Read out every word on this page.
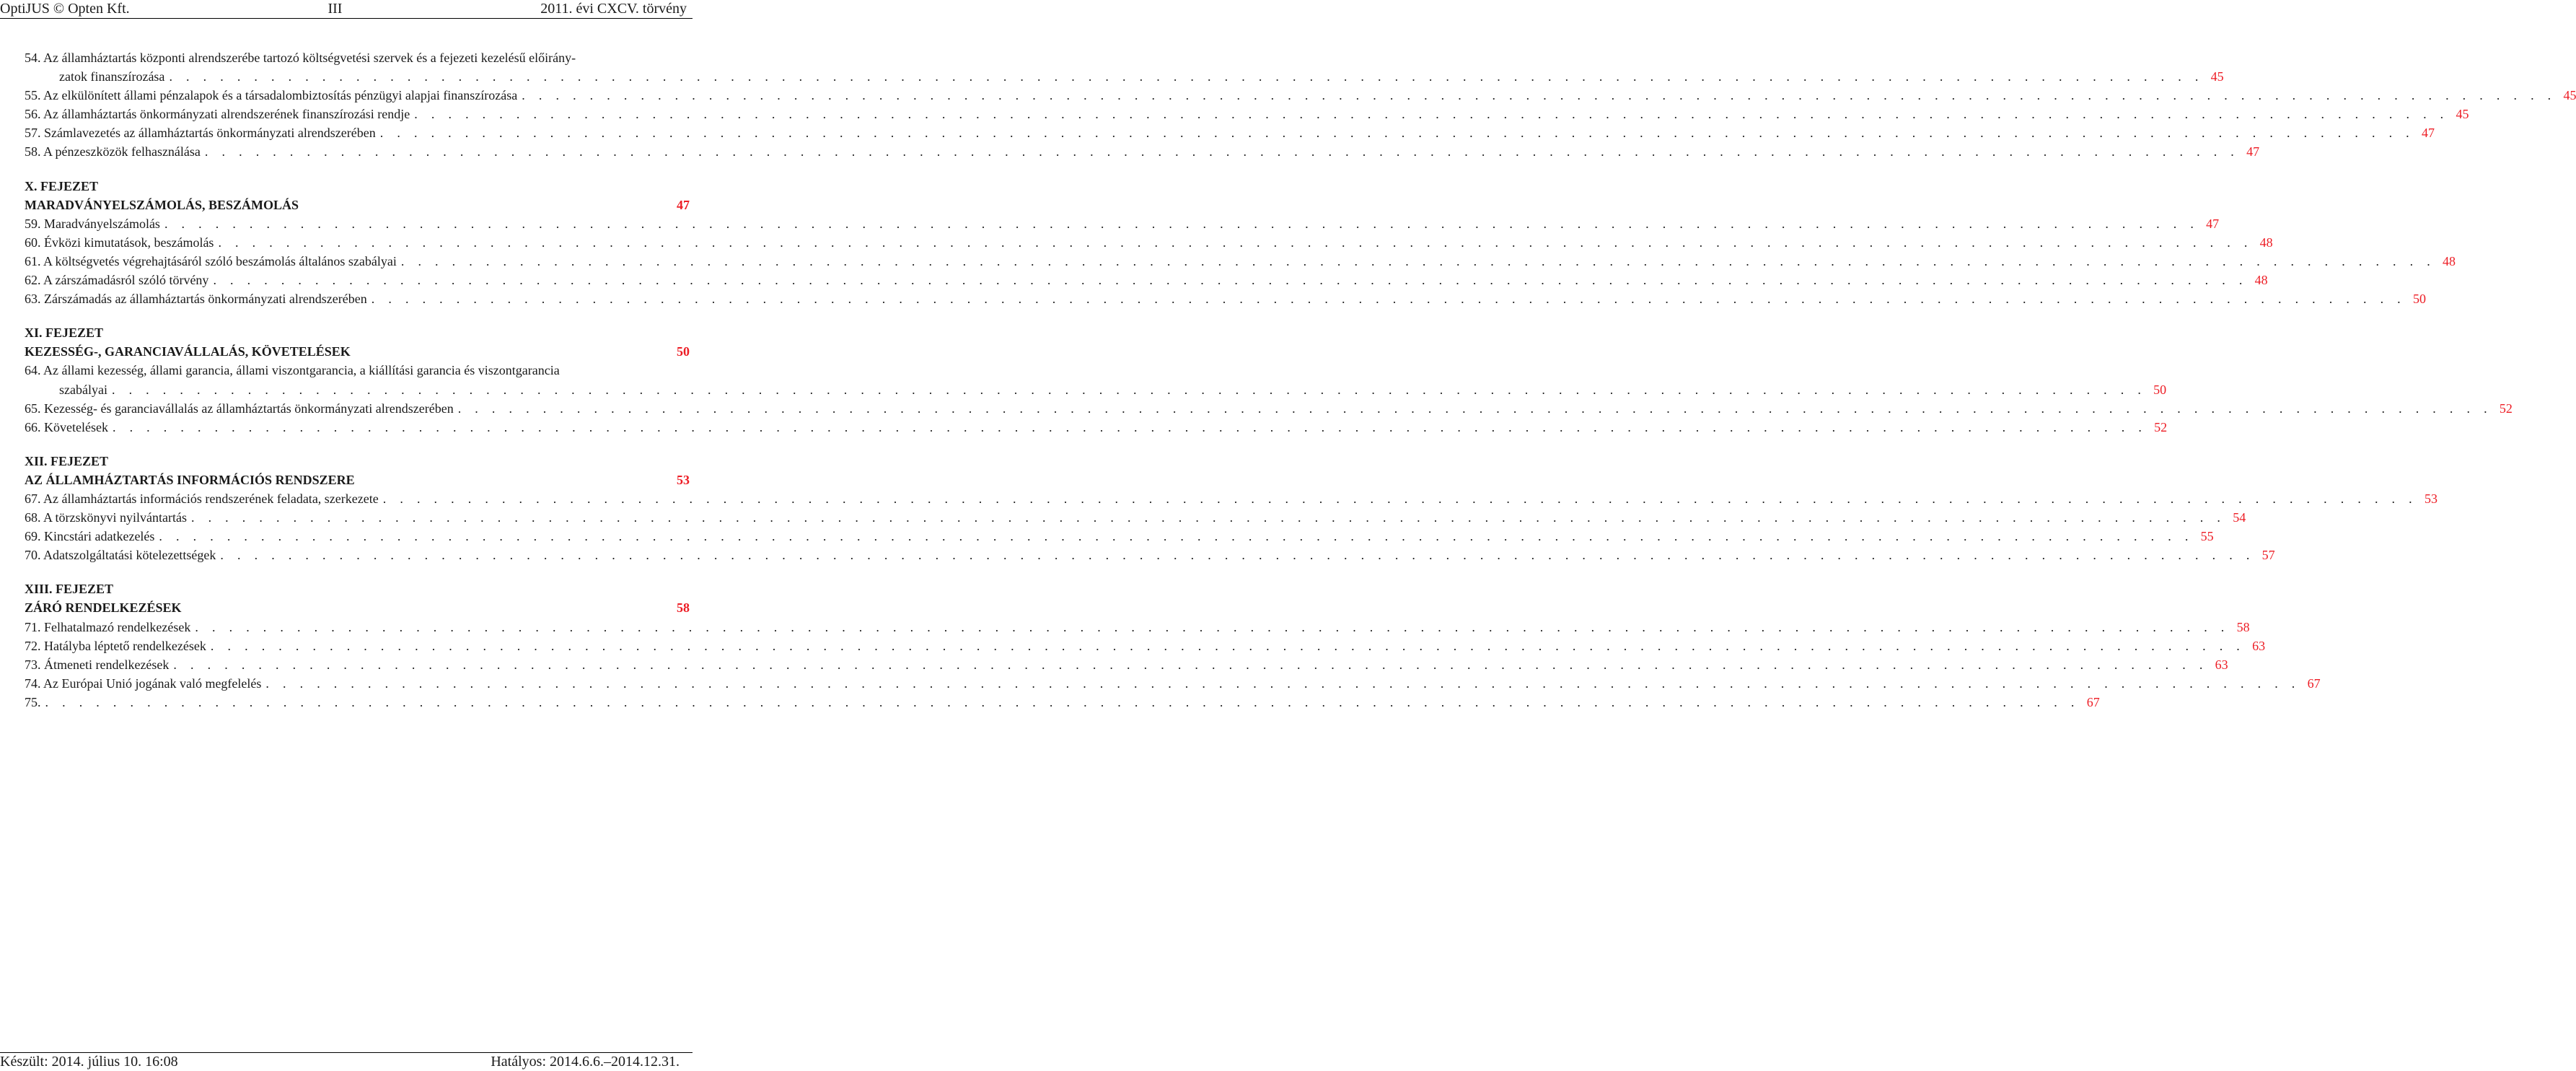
OptiJUS © Opten Kft.	III	2011. évi CXCV. törvény
54. Az államháztartás központi alrendszerébe tartozó költségvetési szervek és a fejezeti kezelésű előirány-
zatok finanszírozása . . . . . . . . . . . . . . . . . . . . . . . . . . . . . . . . . . . . . . . . . . . . . . . . . . . . . . . . . . . . . . . . . . . . . . . . . . . . . . . . . . . . . . . . . . . . . . . . . . . . . . . . . . . . . . . . . . . . . . . . 45
55. Az elkülönített állami pénzalapok és a társadalombiztosítás pénzügyi alapjai finanszírozása . . . . . . . . . . . . . . . . . . . . . . . . . . . . . . . . . . . . . . . . . . . . . . . . . . . . . . . . . . . . . . . . . . . . . . . . . . . . . . . . . . . . . . . . . . . . . . . . . . . . . . . . . . . . . . . . . . . . . . . . 45
56. Az államháztartás önkormányzati alrendszerének finanszírozási rendje . . . . . . . . . . . . . . . . . . . . . . . . . . . . . . . . . . . . . . . . . . . . . . . . . . . . . . . . . . . . . . . . . . . . . . . . . . . . . . . . . . . . . . . . . . . . . . . . . . . . . . . . . . . . . . . . . . . . . . . . 45
57. Számlavezetés az államháztartás önkormányzati alrendszerében . . . . . . . . . . . . . . . . . . . . . . . . . . . . . . . . . . . . . . . . . . . . . . . . . . . . . . . . . . . . . . . . . . . . . . . . . . . . . . . . . . . . . . . . . . . . . . . . . . . . . . . . . . . . . . . . . . . . . . . . 47
58. A pénzeszközök felhasználása . . . . . . . . . . . . . . . . . . . . . . . . . . . . . . . . . . . . . . . . . . . . . . . . . . . . . . . . . . . . . . . . . . . . . . . . . . . . . . . . . . . . . . . . . . . . . . . . . . . . . . . . . . . . . . . . . . . . . . . . 47
X. FEJEZET
MARADVÁNYELSZÁMOLÁS, BESZÁMOLÁS	47
59. Maradványelszámolás . . . . . . . . . . . . . . . . . . . . . . . . . . . . . . . . . . . . . . . . . . . . . . . . . . . . . . . . . . . . . . . . . . . . . . . . . . . . . . . . . . . . . . . . . . . . . . . . . . . . . . . . . . . . . . . . . . . . . . . . 47
60. Évközi kimutatások, beszámolás . . . . . . . . . . . . . . . . . . . . . . . . . . . . . . . . . . . . . . . . . . . . . . . . . . . . . . . . . . . . . . . . . . . . . . . . . . . . . . . . . . . . . . . . . . . . . . . . . . . . . . . . . . . . . . . . . . . . . . . . 48
61. A költségvetés végrehajtásáról szóló beszámolás általános szabályai . . . . . . . . . . . . . . . . . . . . . . . . . . . . . . . . . . . . . . . . . . . . . . . . . . . . . . . . . . . . . . . . . . . . . . . . . . . . . . . . . . . . . . . . . . . . . . . . . . . . . . . . . . . . . . . . . . . . . . . . 48
62. A zárszámadásról szóló törvény . . . . . . . . . . . . . . . . . . . . . . . . . . . . . . . . . . . . . . . . . . . . . . . . . . . . . . . . . . . . . . . . . . . . . . . . . . . . . . . . . . . . . . . . . . . . . . . . . . . . . . . . . . . . . . . . . . . . . . . . 48
63. Zárszámadás az államháztartás önkormányzati alrendszerében . . . . . . . . . . . . . . . . . . . . . . . . . . . . . . . . . . . . . . . . . . . . . . . . . . . . . . . . . . . . . . . . . . . . . . . . . . . . . . . . . . . . . . . . . . . . . . . . . . . . . . . . . . . . . . . . . . . . . . . . 50
XI. FEJEZET
KEZESSÉG-, GARANCIAVÁLLALÁS, KÖVETELÉSEK	50
64. Az állami kezesség, állami garancia, állami viszontgarancia, a kiállítási garancia és viszontgarancia
szabályai . . . . . . . . . . . . . . . . . . . . . . . . . . . . . . . . . . . . . . . . . . . . . . . . . . . . . . . . . . . . . . . . . . . . . . . . . . . . . . . . . . . . . . . . . . . . . . . . . . . . . . . . . . . . . . . . . . . . . . . . 50
65. Kezesség- és garanciavállalás az államháztartás önkormányzati alrendszerében . . . . . . . . . . . . . . . . . . . . . . . . . . . . . . . . . . . . . . . . . . . . . . . . . . . . . . . . . . . . . . . . . . . . . . . . . . . . . . . . . . . . . . . . . . . . . . . . . . . . . . . . . . . . . . . . . . . . . . . . 52
66. Követelések . . . . . . . . . . . . . . . . . . . . . . . . . . . . . . . . . . . . . . . . . . . . . . . . . . . . . . . . . . . . . . . . . . . . . . . . . . . . . . . . . . . . . . . . . . . . . . . . . . . . . . . . . . . . . . . . . . . . . . . . 52
XII. FEJEZET
AZ ÁLLAMHÁZTARTÁS INFORMÁCIÓS RENDSZERE	53
67. Az államháztartás információs rendszerének feladata, szerkezete . . . . . . . . . . . . . . . . . . . . . . . . . . . . . . . . . . . . . . . . . . . . . . . . . . . . . . . . . . . . . . . . . . . . . . . . . . . . . . . . . . . . . . . . . . . . . . . . . . . . . . . . . . . . . . . . . . . . . . . . 53
68. A törzskönyvi nyilvántartás . . . . . . . . . . . . . . . . . . . . . . . . . . . . . . . . . . . . . . . . . . . . . . . . . . . . . . . . . . . . . . . . . . . . . . . . . . . . . . . . . . . . . . . . . . . . . . . . . . . . . . . . . . . . . . . . . . . . . . . . 54
69. Kincstári adatkezelés . . . . . . . . . . . . . . . . . . . . . . . . . . . . . . . . . . . . . . . . . . . . . . . . . . . . . . . . . . . . . . . . . . . . . . . . . . . . . . . . . . . . . . . . . . . . . . . . . . . . . . . . . . . . . . . . . . . . . . . . 55
70. Adatszolgáltatási kötelezettségek . . . . . . . . . . . . . . . . . . . . . . . . . . . . . . . . . . . . . . . . . . . . . . . . . . . . . . . . . . . . . . . . . . . . . . . . . . . . . . . . . . . . . . . . . . . . . . . . . . . . . . . . . . . . . . . . . . . . . . . . 57
XIII. FEJEZET
ZÁRÓ RENDELKEZÉSEK	58
71. Felhatalmazó rendelkezések . . . . . . . . . . . . . . . . . . . . . . . . . . . . . . . . . . . . . . . . . . . . . . . . . . . . . . . . . . . . . . . . . . . . . . . . . . . . . . . . . . . . . . . . . . . . . . . . . . . . . . . . . . . . . . . . . . . . . . . . 58
72. Hatályba léptető rendelkezések . . . . . . . . . . . . . . . . . . . . . . . . . . . . . . . . . . . . . . . . . . . . . . . . . . . . . . . . . . . . . . . . . . . . . . . . . . . . . . . . . . . . . . . . . . . . . . . . . . . . . . . . . . . . . . . . . . . . . . . . 63
73. Átmeneti rendelkezések . . . . . . . . . . . . . . . . . . . . . . . . . . . . . . . . . . . . . . . . . . . . . . . . . . . . . . . . . . . . . . . . . . . . . . . . . . . . . . . . . . . . . . . . . . . . . . . . . . . . . . . . . . . . . . . . . . . . . . . . 63
74. Az Európai Unió jogának való megfelelés . . . . . . . . . . . . . . . . . . . . . . . . . . . . . . . . . . . . . . . . . . . . . . . . . . . . . . . . . . . . . . . . . . . . . . . . . . . . . . . . . . . . . . . . . . . . . . . . . . . . . . . . . . . . . . . . . . . . . . . . 67
75. . . . . . . . . . . . . . . . . . . . . . . . . . . . . . . . . . . . . . . . . . . . . . . . . . . . . . . . . . . . . . . . . . . . . . . . . . . . . . . . . . . . . . . . . . . . . . . . . . . . . . . . . . . . . . . . . . . . . . . . . 67
Készült: 2014. július 10. 16:08	Hatályos: 2014.6.6.–2014.12.31.
